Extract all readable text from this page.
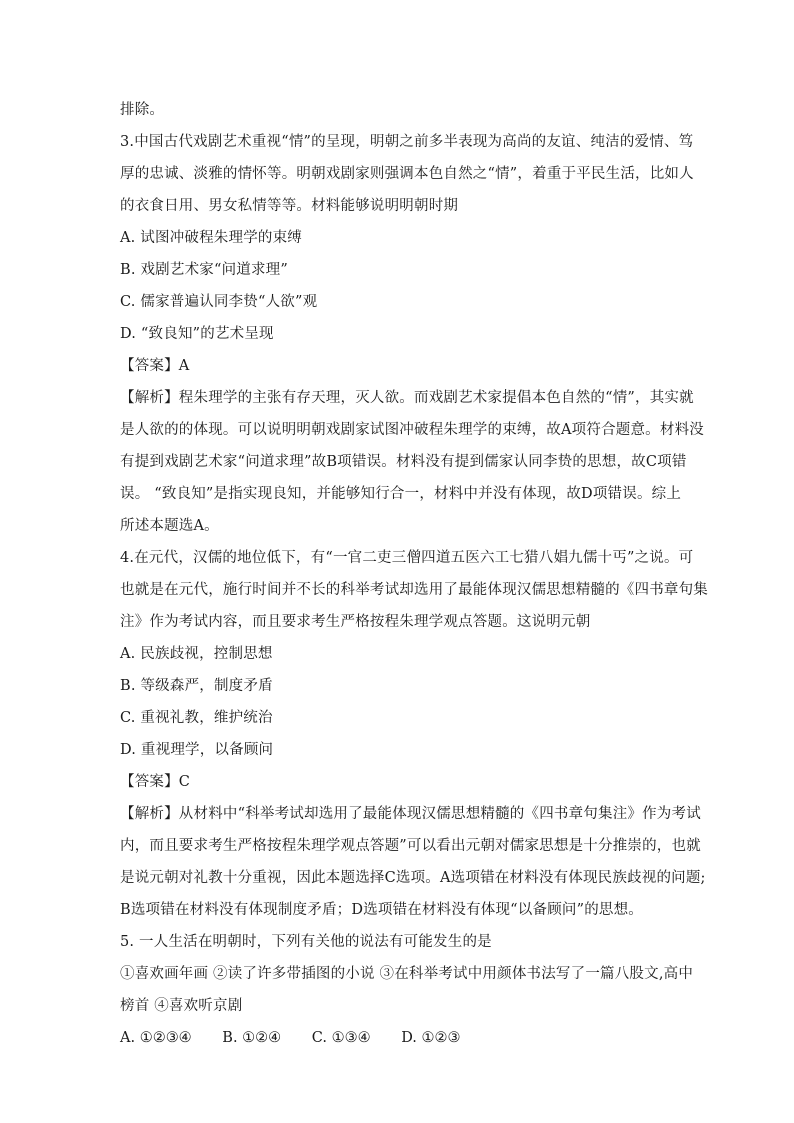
排除。
3.中国古代戏剧艺术重视“情”的呈现，明朝之前多半表现为高尚的友谊、纯洁的爱情、笃
厚的忠诚、淡雅的情怀等。明朝戏剧家则强调本色自然之“情”，着重于平民生活，比如人
的衣食日用、男女私情等等。材料能够说明明朝时期
A. 试图冲破程朱理学的束缚
B. 戏剧艺术家“问道求理”
C. 儒家普遍认同李贽“人欲”观
D. “致良知”的艺术呈现
【答案】A
【解析】程朱理学的主张有存天理，灭人欲。而戏剧艺术家提倡本色自然的“情”，其实就
是人欲的的体现。可以说明明朝戏剧家试图冲破程朱理学的束缚，故A项符合题意。材料没
有提到戏剧艺术家“问道求理”故B项错误。材料没有提到儒家认同李贽的思想，故C项错
误。 “致良知”是指实现良知，并能够知行合一，材料中并没有体现，故D项错误。综上
所述本题选A。
4.在元代，汉儒的地位低下，有“一官二吏三僧四道五医六工七猎八娼九儒十丐”之说。可
也就是在元代，施行时间并不长的科举考试却选用了最能体现汉儒思想精髓的《四书章句集
注》作为考试内容，而且要求考生严格按程朱理学观点答题。这说明元朝
A. 民族歧视，控制思想
B. 等级森严，制度矛盾
C. 重视礼教，维护统治
D. 重视理学，以备顾问
【答案】C
【解析】从材料中“科举考试却选用了最能体现汉儒思想精髓的《四书章句集注》作为考试
内，而且要求考生严格按程朱理学观点答题”可以看出元朝对儒家思想是十分推崇的，也就
是说元朝对礼教十分重视，因此本题选择C选项。A选项错在材料没有体现民族歧视的问题;
B选项错在材料没有体现制度矛盾；D选项错在材料没有体现“以备顾问”的思想。
5. 一人生活在明朝时，下列有关他的说法有可能发生的是
①喜欢画年画 ②读了许多带插图的小说 ③在科举考试中用颜体书法写了一篇八股文,高中
榜首 ④喜欢听京剧
A. ①②③④ B. ①②④ C. ①③④ D. ①②③
